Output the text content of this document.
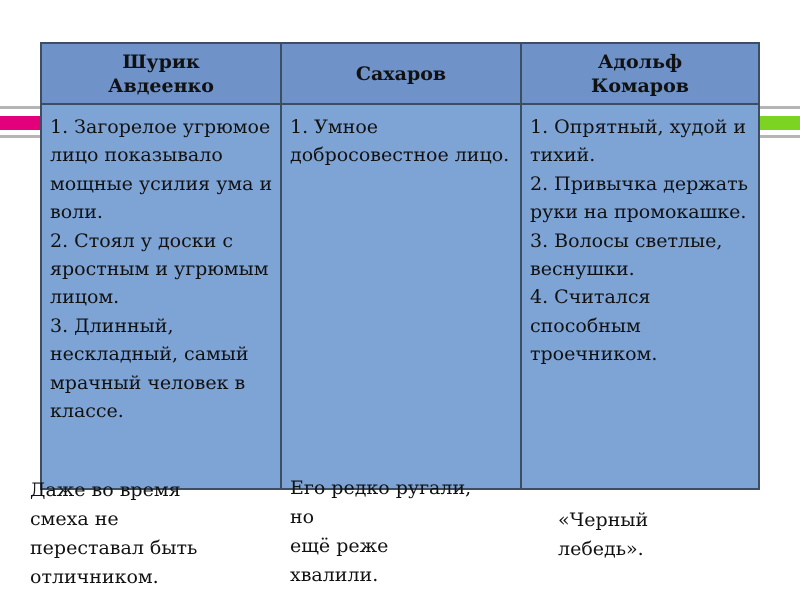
Шурик
Авдеенко
Сахаров
Адольф
Комаров
1. Загорелое угрюмое лицо показывало мощные усилия ума и воли.
2. Стоял у доски с яростным и угрюмым лицом.
3. Длинный, нескладный, самый мрачный человек в классе.
1. Умное добросовестное лицо.
1. Опрятный, худой и тихий.
2. Привычка держать руки на промокашке.
3. Волосы светлые, веснушки.
4. Считался способным троечником.

Даже во время
смеха не
переставал быть
отличником.

Его редко ругали,
но
ещё реже
хвалили.

«Черный
лебедь».
